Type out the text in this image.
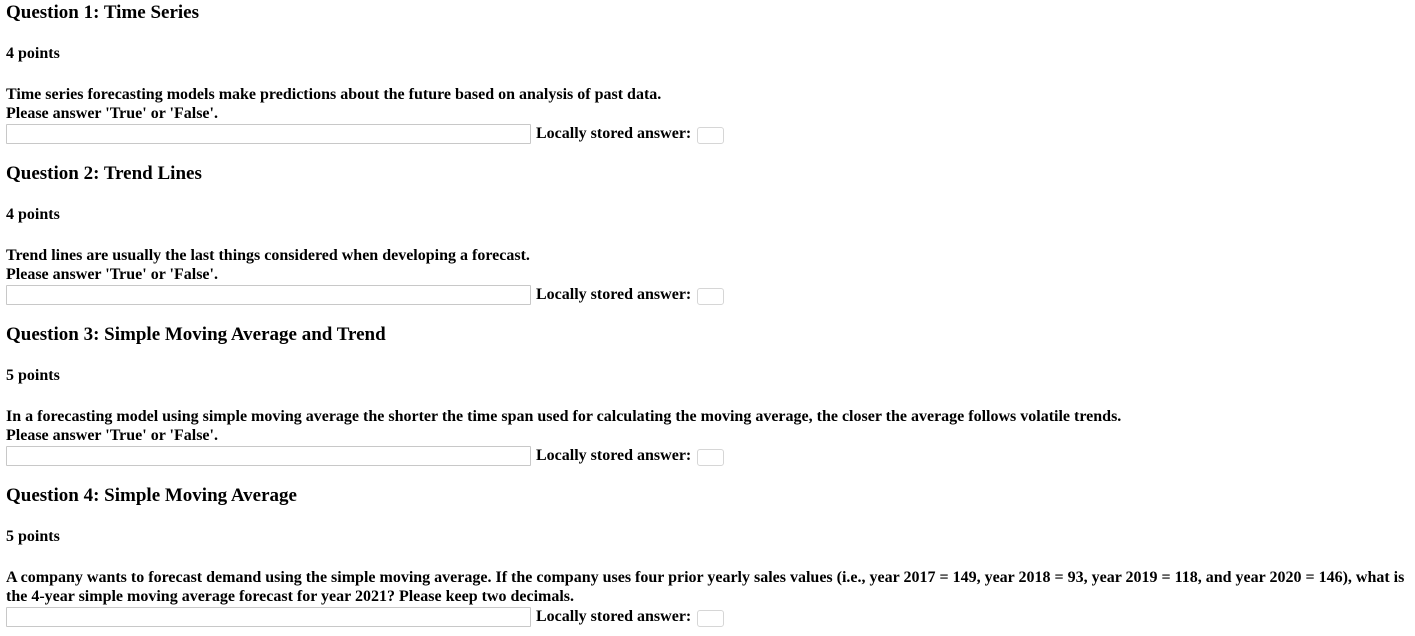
Question 1: Time Series
4 points
Time series forecasting models make predictions about the future based on analysis of past data.
Please answer 'True' or 'False'.
Locally stored answer:
Question 2: Trend Lines
4 points
Trend lines are usually the last things considered when developing a forecast.
Please answer 'True' or 'False'.
Locally stored answer:
Question 3: Simple Moving Average and Trend
5 points
In a forecasting model using simple moving average the shorter the time span used for calculating the moving average, the closer the average follows volatile trends.
Please answer 'True' or 'False'.
Locally stored answer:
Question 4: Simple Moving Average
5 points
A company wants to forecast demand using the simple moving average. If the company uses four prior yearly sales values (i.e., year 2017 = 149, year 2018 = 93, year 2019 = 118, and year 2020 = 146), what is the 4-year simple moving average forecast for year 2021? Please keep two decimals.
Locally stored answer:
